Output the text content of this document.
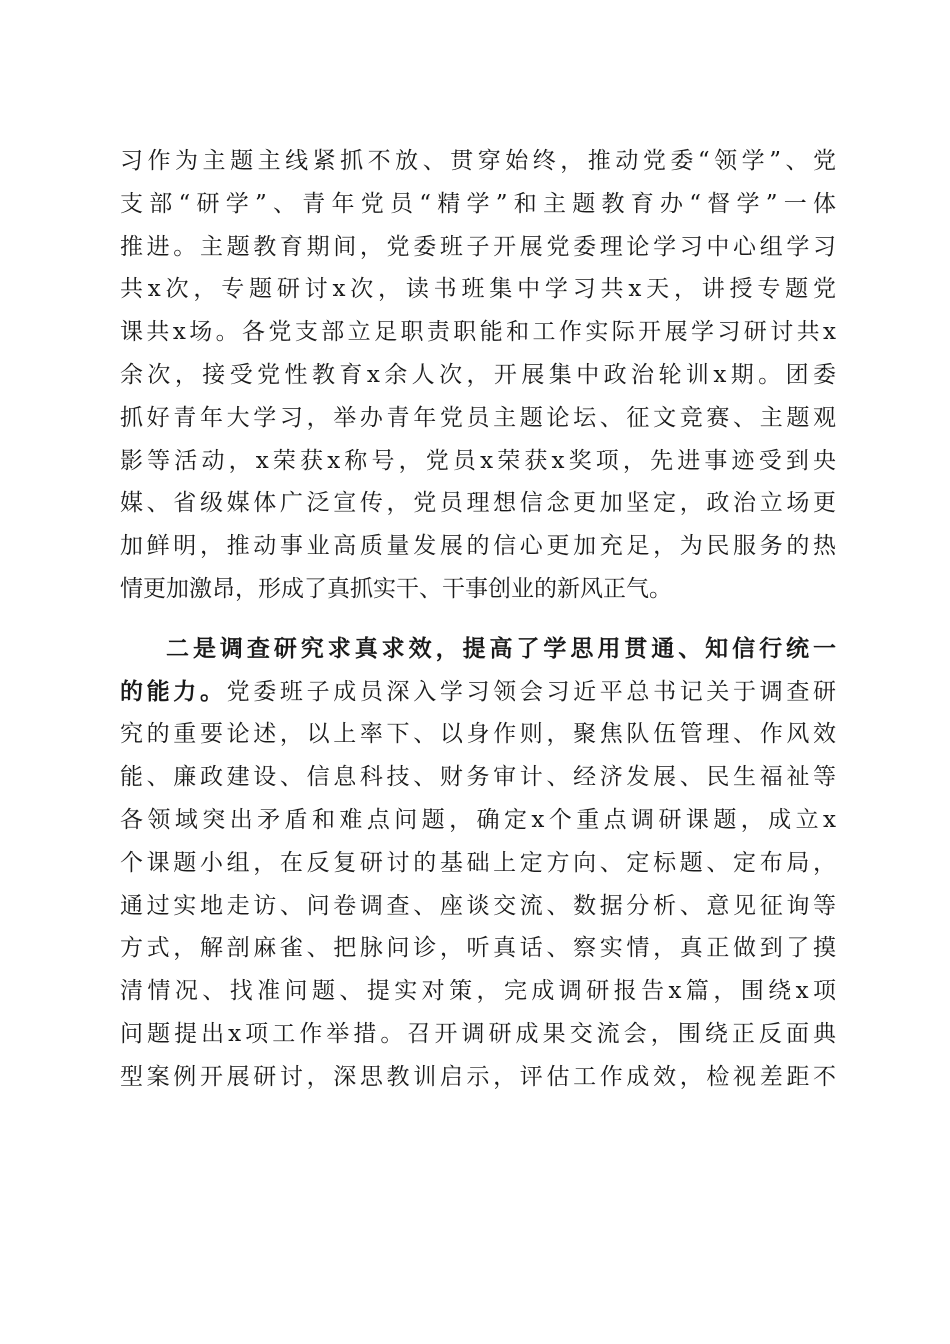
习作为主题主线紧抓不放、贯穿始终，推动党委“领学”、党
支部“研学”、青年党员“精学”和主题教育办“督学”一体
推进。主题教育期间，党委班子开展党委理论学习中心组学习
共x次，专题研讨x次，读书班集中学习共x天，讲授专题党
课共x场。各党支部立足职责职能和工作实际开展学习研讨共x
余次，接受党性教育x余人次，开展集中政治轮训x期。团委
抓好青年大学习，举办青年党员主题论坛、征文竞赛、主题观
影等活动，x荣获x称号，党员x荣获x奖项，先进事迹受到央
媒、省级媒体广泛宣传，党员理想信念更加坚定，政治立场更
加鲜明，推动事业高质量发展的信心更加充足，为民服务的热
情更加激昂，形成了真抓实干、干事创业的新风正气。
二是调查研究求真求效，提高了学思用贯通、知信行统一
的能力。党委班子成员深入学习领会习近平总书记关于调查研
究的重要论述，以上率下、以身作则，聚焦队伍管理、作风效
能、廉政建设、信息科技、财务审计、经济发展、民生福祉等
各领域突出矛盾和难点问题，确定x个重点调研课题，成立x
个课题小组，在反复研讨的基础上定方向、定标题、定布局，
通过实地走访、问卷调查、座谈交流、数据分析、意见征询等
方式，解剖麻雀、把脉问诊，听真话、察实情，真正做到了摸
清情况、找准问题、提实对策，完成调研报告x篇，围绕x项
问题提出x项工作举措。召开调研成果交流会，围绕正反面典
型案例开展研讨，深思教训启示，评估工作成效，检视差距不
